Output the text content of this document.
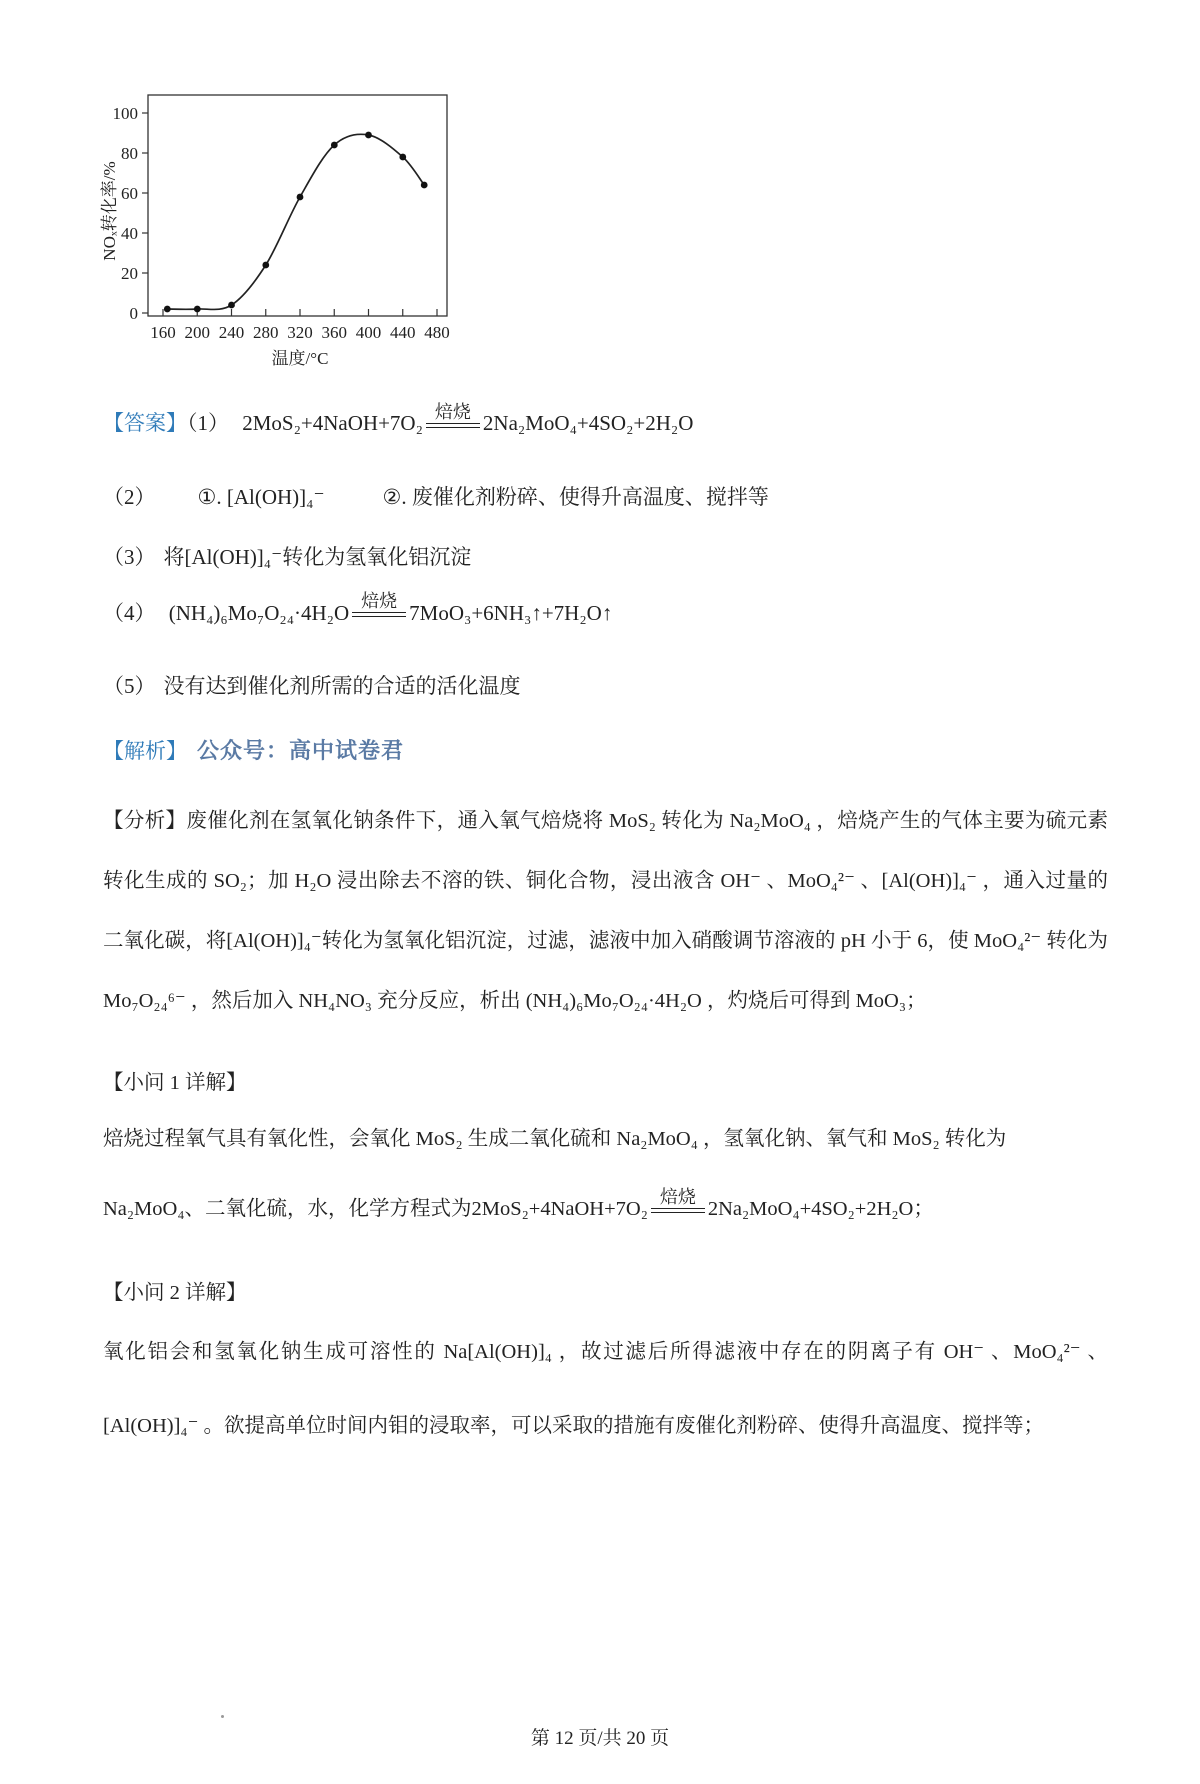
0
20
40
60
80
100
160 200 240 280 320 360 400 440 480
NOₓ转化率/%
温度/°C
【答案】（1） 2MoS₂+4NaOH+7O₂ 焙烧 2Na₂MoO₄+4SO₂+2H₂O
（2） ①. [Al(OH)]₄⁻	②. 废催化剂粉碎、使得升高温度、搅拌等
（3） 将[Al(OH)]₄⁻转化为氢氧化铝沉淀
（4） (NH₄)₆Mo₇O₂₄·4H₂O 焙烧 7MoO₃+6NH₃↑+7H₂O↑
（5） 没有达到催化剂所需的合适的活化温度
【解析】 公众号：高中试卷君

【分析】废催化剂在氢氧化钠条件下，通入氧气焙烧将 MoS₂ 转化为 Na₂MoO₄ ，焙烧产生的气体主要为硫元素转化生成的 SO₂；加 H₂O 浸出除去不溶的铁、铜化合物，浸出液含 OH⁻ 、MoO₄²⁻ 、[Al(OH)]₄⁻ ，通入过量的二氧化碳，将[Al(OH)]₄⁻转化为氢氧化铝沉淀，过滤，滤液中加入硝酸调节溶液的 pH 小于 6，使 MoO₄²⁻ 转化为 Mo₇O₂₄⁶⁻ ，然后加入 NH₄NO₃ 充分反应，析出 (NH₄)₆Mo₇O₂₄·4H₂O ，灼烧后可得到 MoO₃；

【小问 1 详解】

焙烧过程氧气具有氧化性，会氧化 MoS₂ 生成二氧化硫和 Na₂MoO₄ ，氢氧化钠、氧气和 MoS₂ 转化为

Na₂MoO₄、二氧化硫，水，化学方程式为2MoS₂+4NaOH+7O₂
焙烧
2Na₂MoO₄+4SO₂+2H₂O；
【小问 2 详解】

氧化铝会和氢氧化钠生成可溶性的 Na[Al(OH)]₄ ，故过滤后所得滤液中存在的阴离子有 OH⁻ 、MoO₄²⁻ 、[Al(OH)]₄⁻ 。欲提高单位时间内钼的浸取率，可以采取的措施有废催化剂粉碎、使得升高温度、搅拌等；

第 12 页/共 20 页
